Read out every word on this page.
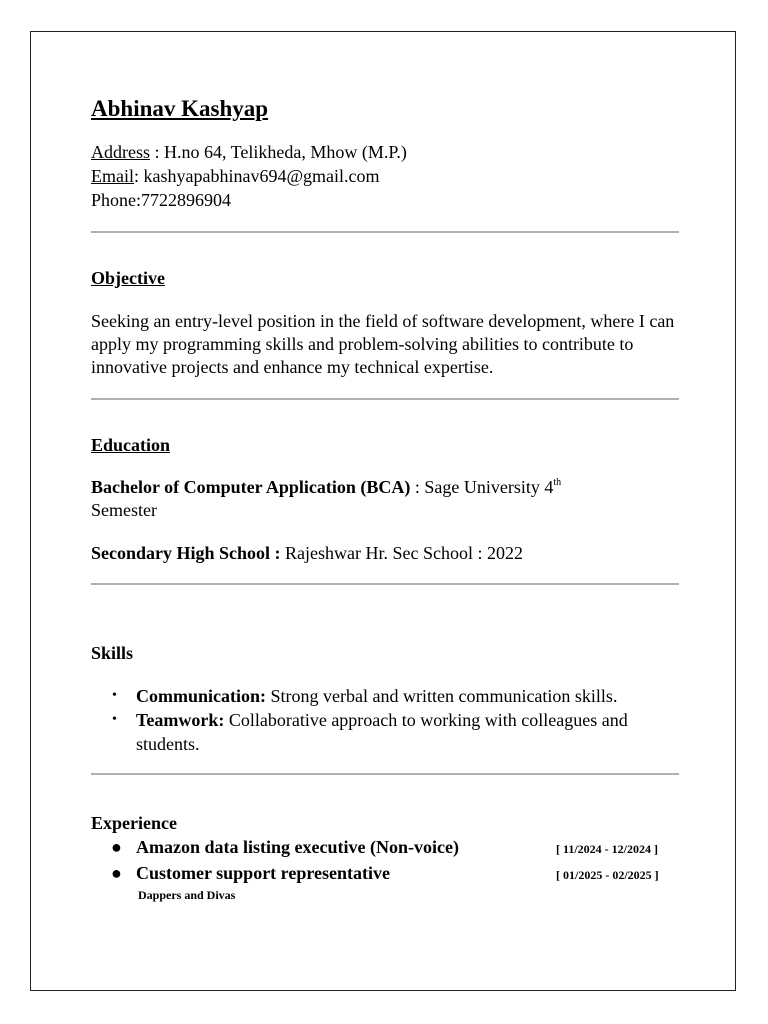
Abhinav Kashyap
Address : H.no 64, Telikheda, Mhow (M.P.)
Email: kashyapabhinav694@gmail.com
Phone:7722896904
Objective
Seeking an entry-level position in the field of software development, where I can apply my programming skills and problem-solving abilities to contribute to innovative projects and enhance my technical expertise.
Education
Bachelor of Computer Application (BCA) : Sage University 4th
Semester
Secondary High School : Rajeshwar Hr. Sec School : 2022
Skills
• Communication: Strong verbal and written communication skills.
• Teamwork: Collaborative approach to working with colleagues and students.
Experience
● Amazon data listing executive (Non-voice)	[ 11/2024 - 12/2024 ]
● Customer support representative	[ 01/2025 - 02/2025 ]
Dappers and Divas
